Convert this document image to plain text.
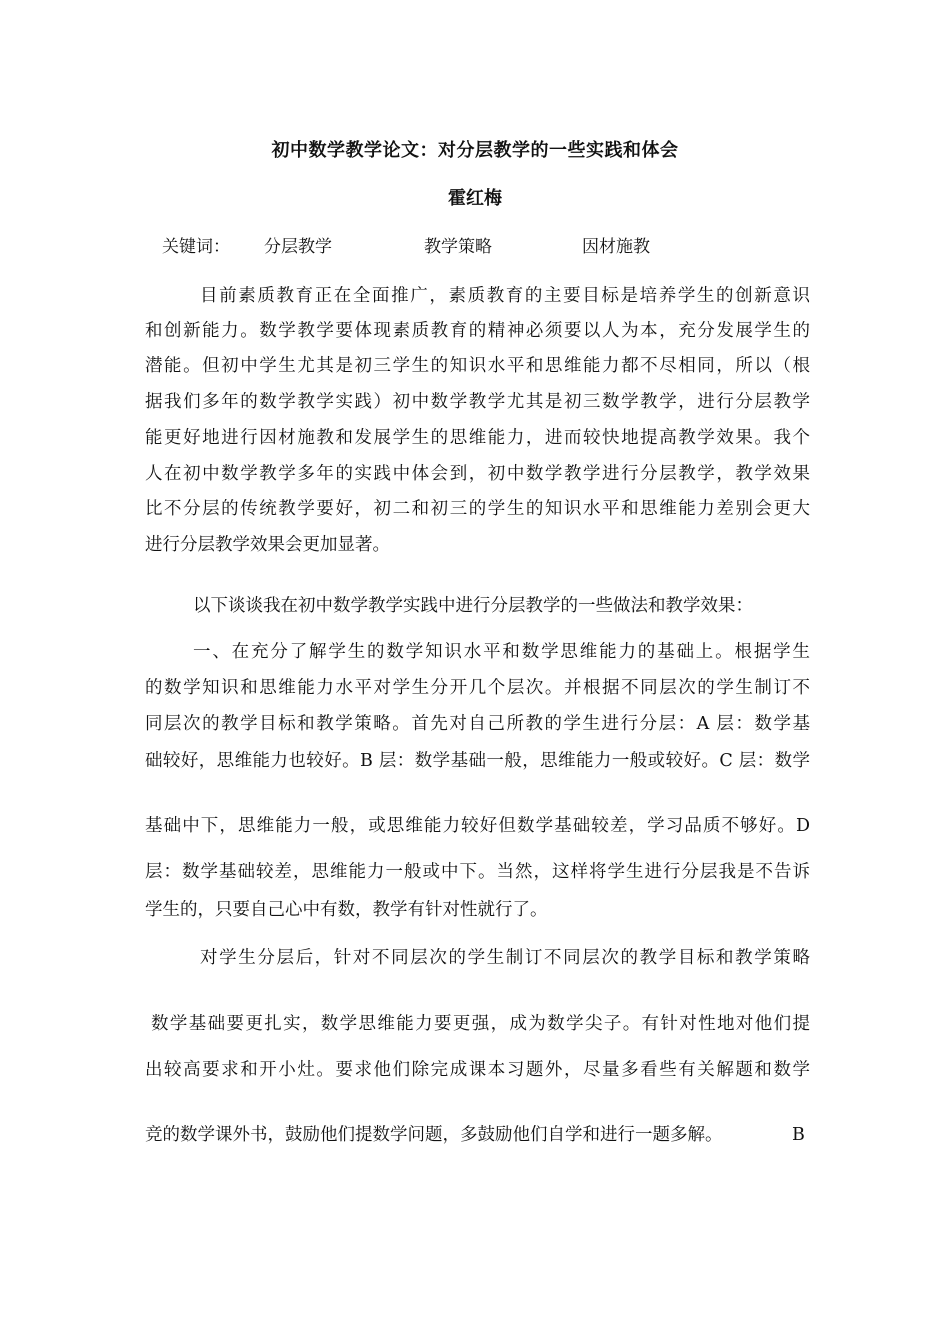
初中数学教学论文：对分层教学的一些实践和体会
霍红梅
关键词： 分层教学	教学策略	因材施教
目前素质教育正在全面推广，素质教育的主要目标是培养学生的创新意识
和创新能力。数学教学要体现素质教育的精神必须要以人为本，充分发展学生的
潜能。但初中学生尤其是初三学生的知识水平和思维能力都不尽相同，所以（根
据我们多年的数学教学实践）初中数学教学尤其是初三数学教学，进行分层教学
能更好地进行因材施教和发展学生的思维能力，进而较快地提高教学效果。我个
人在初中数学教学多年的实践中体会到，初中数学教学进行分层教学，教学效果
比不分层的传统教学要好，初二和初三的学生的知识水平和思维能力差别会更大
进行分层教学效果会更加显著。
以下谈谈我在初中数学教学实践中进行分层教学的一些做法和教学效果：
一、在充分了解学生的数学知识水平和数学思维能力的基础上。根据学生
的数学知识和思维能力水平对学生分开几个层次。并根据不同层次的学生制订不
同层次的教学目标和教学策略。首先对自己所教的学生进行分层：A 层：数学基
础较好，思维能力也较好。B 层：数学基础一般，思维能力一般或较好。C 层：数学
基础中下，思维能力一般，或思维能力较好但数学基础较差，学习品质不够好。D
层：数学基础较差，思维能力一般或中下。当然，这样将学生进行分层我是不告诉
学生的，只要自己心中有数，教学有针对性就行了。
对学生分层后，针对不同层次的学生制订不同层次的教学目标和教学策略
数学基础要更扎实，数学思维能力要更强，成为数学尖子。有针对性地对他们提
出较高要求和开小灶。要求他们除完成课本习题外，尽量多看些有关解题和数学
竞的数学课外书，鼓励他们提数学问题，多鼓励他们自学和进行一题多解。	B
